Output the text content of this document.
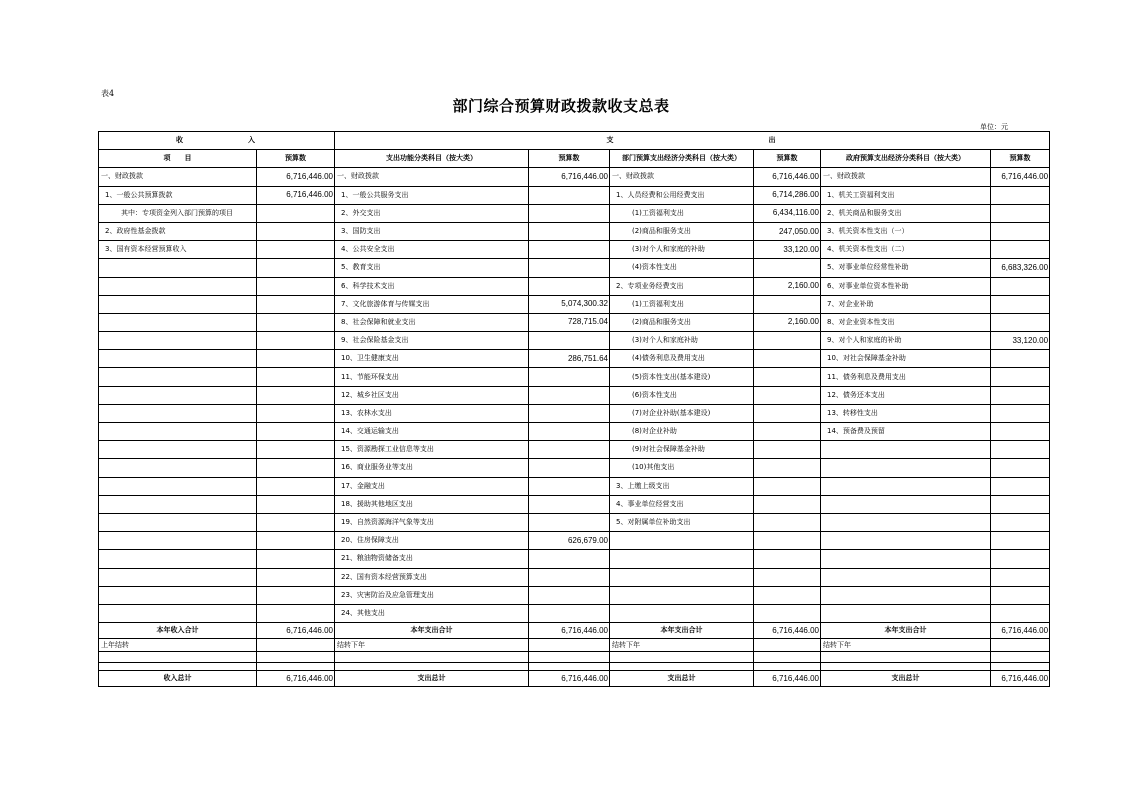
表4
部门综合预算财政拨款收支总表
单位：元
收　　　　　　　入		支　　　　　　　　　　　　　　　　　出					
项　　目	预算数	支出功能分类科目（按大类）	预算数	部门预算支出经济分类科目（按大类）	预算数	政府预算支出经济分类科目（按大类）	预算数
一、财政拨款	6,716,446.00	一、财政拨款	6,716,446.00	一、财政拨款	6,716,446.00	一、财政拨款	6,716,446.00
1、一般公共预算拨款	6,716,446.00	1、一般公共服务支出		1、人员经费和公用经费支出	6,714,286.00	1、机关工资福利支出	
其中：专项资金列入部门预算的项目		2、外交支出		(1)工资福利支出	6,434,116.00	2、机关商品和服务支出	
2、政府性基金拨款		3、国防支出		(2)商品和服务支出	247,050.00	3、机关资本性支出（一）	
3、国有资本经营预算收入		4、公共安全支出		(3)对个人和家庭的补助	33,120.00	4、机关资本性支出（二）	
		5、教育支出		(4)资本性支出		5、对事业单位经常性补助	6,683,326.00
		6、科学技术支出		2、专项业务经费支出	2,160.00	6、对事业单位资本性补助	
		7、文化旅游体育与传媒支出	5,074,300.32	(1)工资福利支出		7、对企业补助	
		8、社会保障和就业支出	728,715.04	(2)商品和服务支出	2,160.00	8、对企业资本性支出	
		9、社会保险基金支出		(3)对个人和家庭补助		9、对个人和家庭的补助	33,120.00
		10、卫生健康支出	286,751.64	(4)债务利息及费用支出		10、对社会保障基金补助	
		11、节能环保支出		(5)资本性支出(基本建设)		11、债务利息及费用支出	
		12、城乡社区支出		(6)资本性支出		12、债务还本支出	
		13、农林水支出		(7)对企业补助(基本建设)		13、转移性支出	
		14、交通运输支出		(8)对企业补助		14、预备费及预留	
		15、资源勘探工业信息等支出		(9)对社会保障基金补助			
		16、商业服务业等支出		(10)其他支出			
		17、金融支出		3、上缴上级支出			
		18、援助其他地区支出		4、事业单位经营支出			
		19、自然资源海洋气象等支出		5、对附属单位补助支出			
		20、住房保障支出	626,679.00				
		21、粮油物资储备支出					
		22、国有资本经营预算支出					
		23、灾害防治及应急管理支出					
		24、其他支出					
本年收入合计	6,716,446.00	本年支出合计	6,716,446.00	本年支出合计	6,716,446.00	本年支出合计	6,716,446.00
上年结转		结转下年		结转下年		结转下年	

收入总计	6,716,446.00	支出总计	6,716,446.00	支出总计	6,716,446.00	支出总计	6,716,446.00
